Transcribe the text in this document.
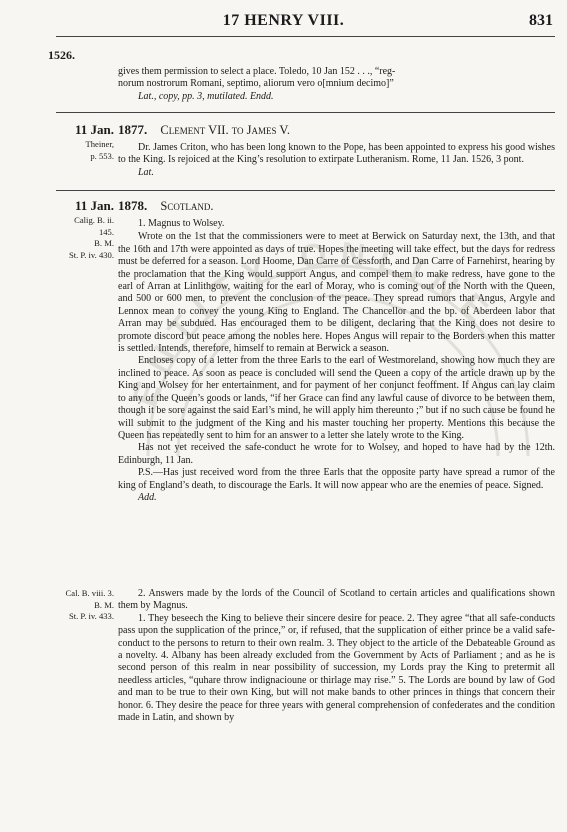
17 HENRY VIII.	831
1526.

gives them permission to select a place. Toledo, 10 Jan 152 . . ., “reg-

norum nostrorum Romani, septimo, aliorum vero o[mnium decimo]”

Lat., copy, pp. 3, mutilated. Endd.

11 Jan.
Theiner,
p. 553.
1877. Clement VII. to James V.

Dr. James Criton, who has been long known to the Pope, has been appointed to express his good wishes to the King. Is rejoiced at the King’s resolution to extirpate Lutheranism. Rome, 11 Jan. 1526, 3 pont.

Lat.

11 Jan.
Calig. B. ii.
145.
B. M.
St. P. iv. 430.
1878. Scotland.

1. Magnus to Wolsey.

Wrote on the 1st that the commissioners were to meet at Berwick on Saturday next, the 13th, and that the 16th and 17th were appointed as days of true. Hopes the meeting will take effect, but the days for redress must be deferred for a season. Lord Hoome, Dan Carre of Cessforth, and Dan Carre of Farnehirst, hearing by the proclamation that the King would support Angus, and compel them to make redress, have gone to the earl of Arran at Linlithgow, waiting for the earl of Moray, who is coming out of the North with the Queen, and 500 or 600 men, to prevent the conclusion of the peace. They spread rumors that Angus, Argyle and Lennox mean to convey the young King to England. The Chancellor and the bp. of Aberdeen labor that Arran may be subdued. Has encouraged them to be diligent, declaring that the King does not desire to promote discord but peace among the nobles here. Hopes Angus will repair to the Borders when this matter is settled. Intends, therefore, himself to remain at Berwick a season.

Encloses copy of a letter from the three Earls to the earl of Westmoreland, showing how much they are inclined to peace. As soon as peace is concluded will send the Queen a copy of the article drawn up by the King and Wolsey for her entertainment, and for payment of her conjunct feoffment. If Angus can lay claim to any of the Queen’s goods or lands, “if her Grace can find any lawful cause of divorce to be between them, though it be sore against the said Earl’s mind, he will apply him thereunto ;” but if no such cause be found he will submit to the judgment of the King and his master touching her property. Mentions this because the Queen has repeatedly sent to him for an answer to a letter she lately wrote to the King.

Has not yet received the safe-conduct he wrote for to Wolsey, and hoped to have had by the 12th. Edinburgh, 11 Jan.

P.S.—Has just received word from the three Earls that the opposite party have spread a rumor of the king of England’s death, to discourage the Earls. It will now appear who are the enemies of peace. Signed.

Add.

Cal. B. viii. 3.
B. M.
St. P. iv. 433.

2. Answers made by the lords of the Council of Scotland to certain articles and qualifications shown them by Magnus.

1. They beseech the King to believe their sincere desire for peace. 2. They agree “that all safe-conducts pass upon the supplication of the prince,” or, if refused, that the supplication of either prince be a valid safe-conduct to the persons to return to their own realm. 3. They object to the article of the Debateable Ground as a novelty. 4. Albany has been already excluded from the Government by Acts of Parliament ; and as he is second person of this realm in near possibility of succession, my Lords pray the King to pretermit all needless articles, “quhare throw indignacioune or thirlage may rise.” 5. The Lords are bound by law of God and man to be true to their own King, but will not make bands to other princes in things that concern their honor. 6. They desire the peace for three years with general comprehension of confederates and the condition made in Latin, and shown by

ENTITY ONLINE
